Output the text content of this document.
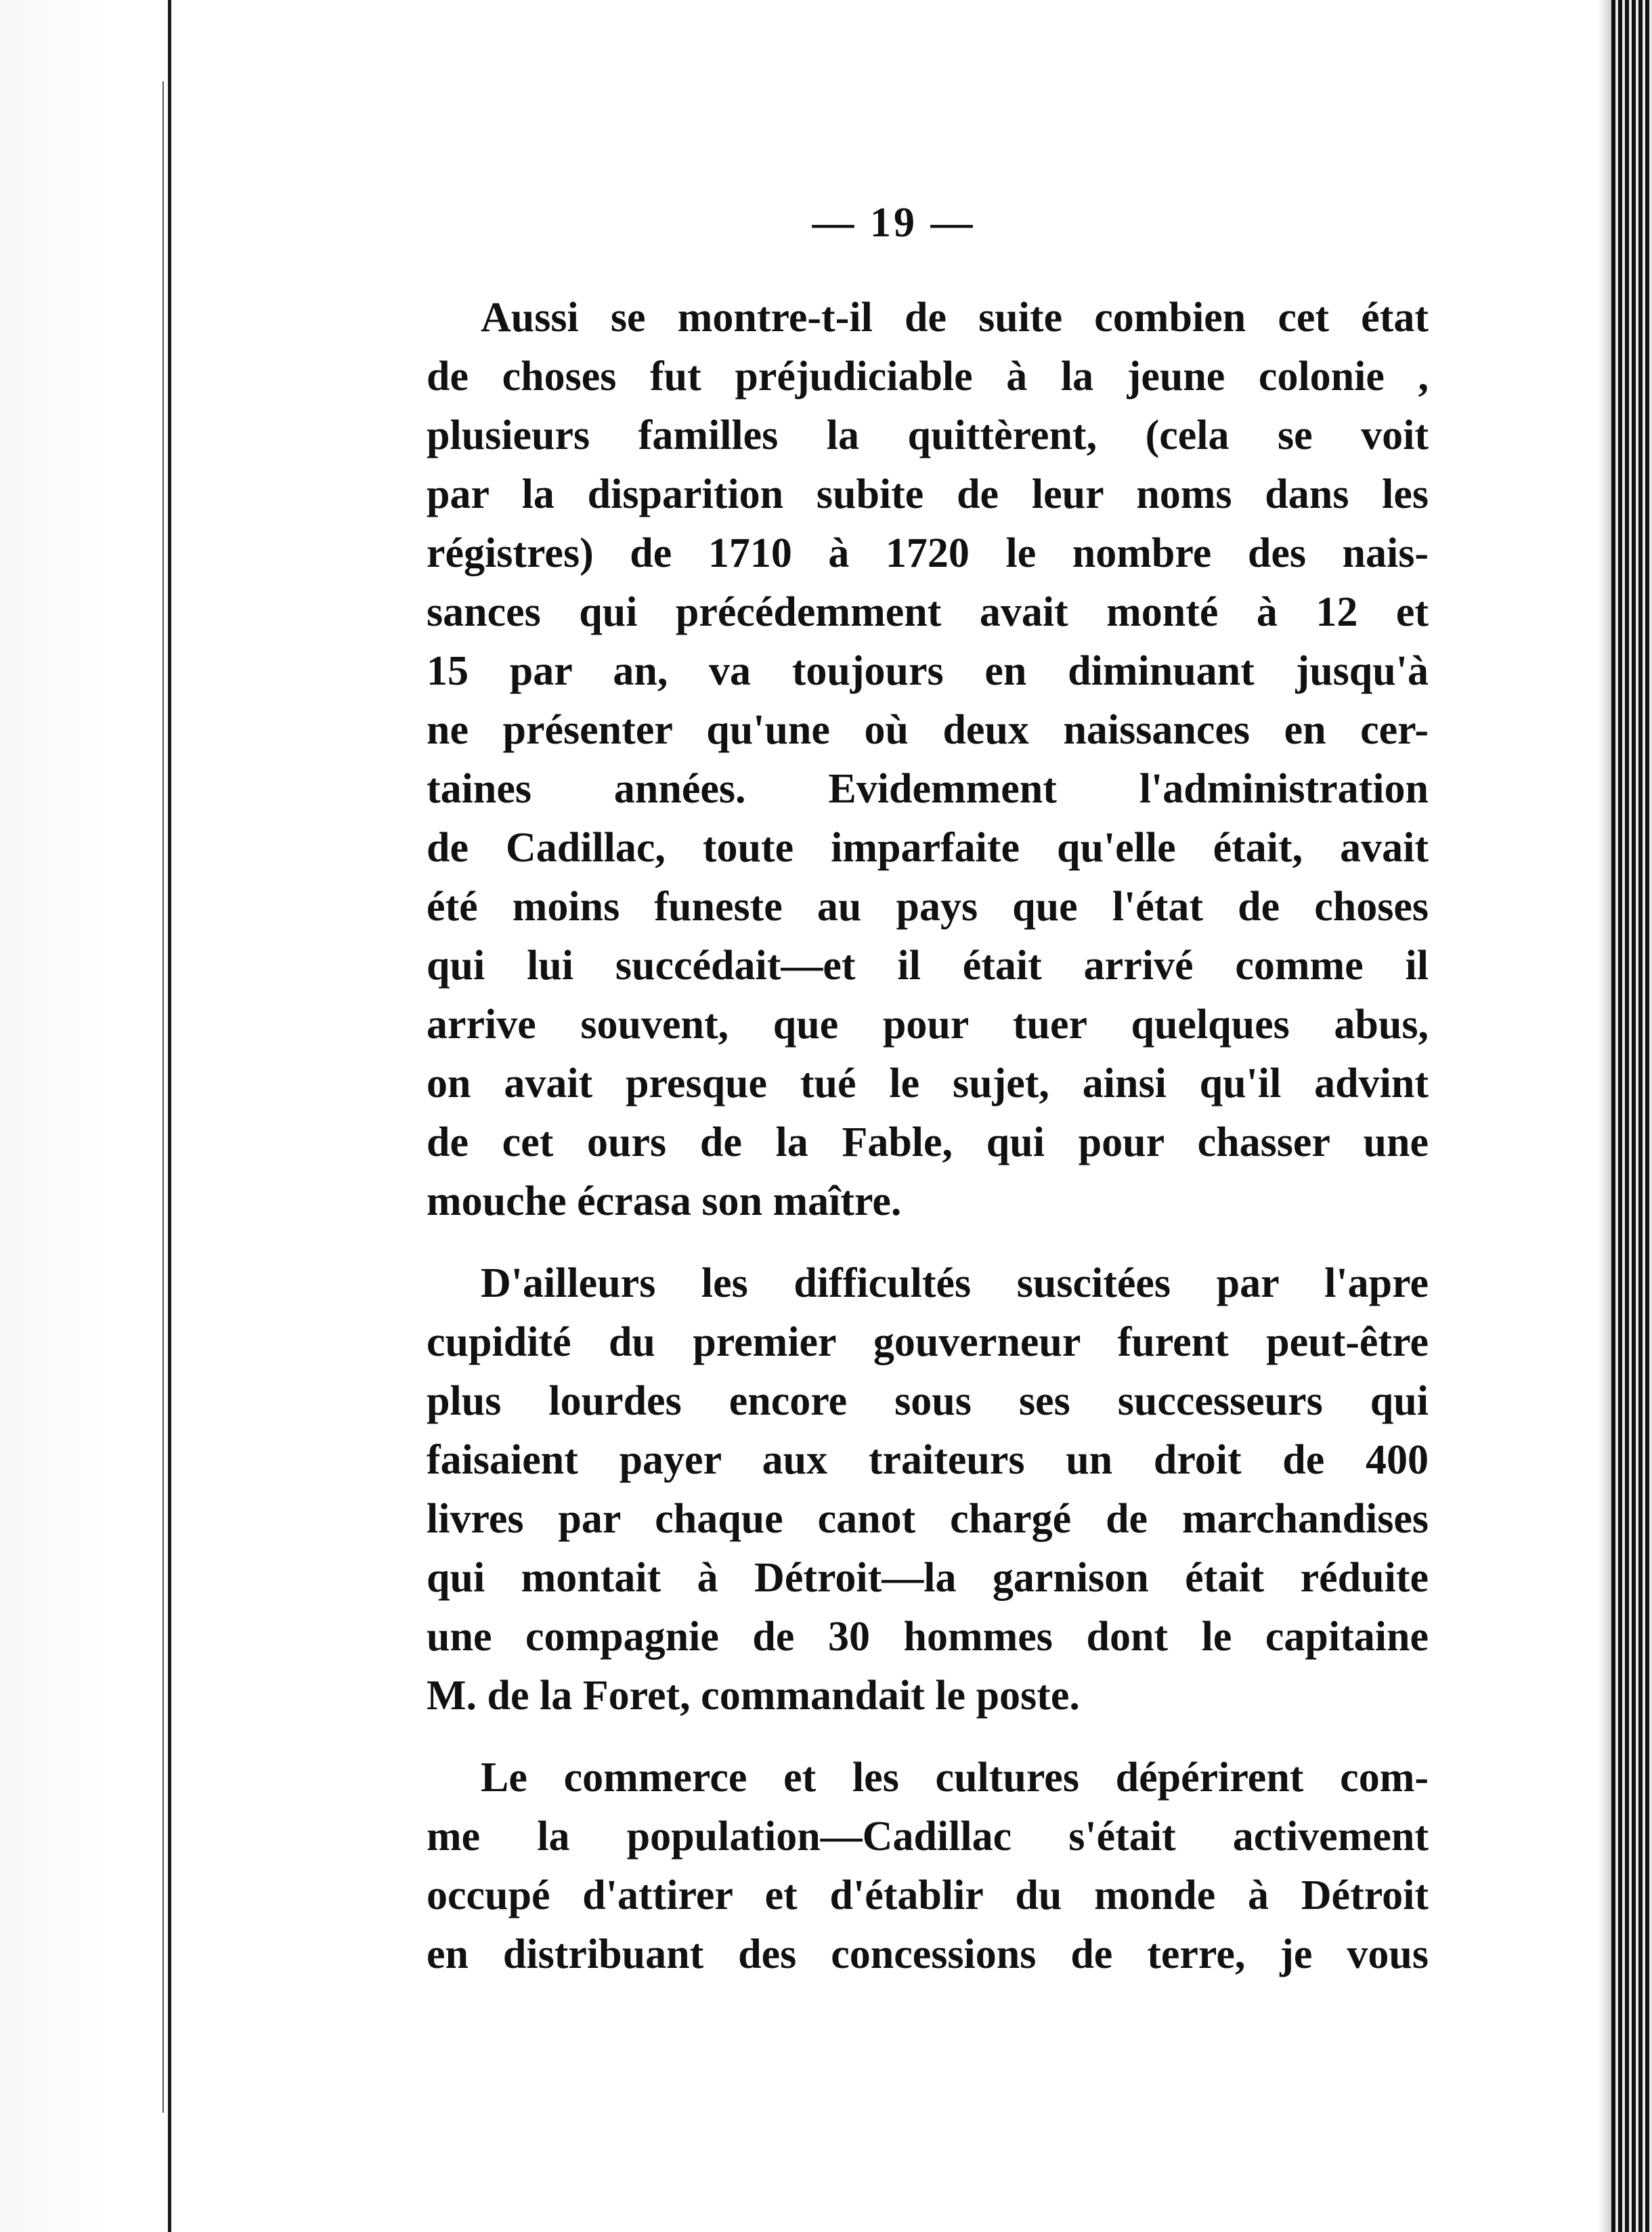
— 19 —
Aussi se montre-t-il de suite combien cet état
de choses fut préjudiciable à la jeune colonie ,
plusieurs familles la quittèrent, (cela se voit
par la disparition subite de leur noms dans les
régistres) de 1710 à 1720 le nombre des nais-
sances qui précédemment avait monté à 12 et
15 par an, va toujours en diminuant jusqu'à
ne présenter qu'une où deux naissances en cer-
taines années. Evidemment l'administration
de Cadillac, toute imparfaite qu'elle était, avait
été moins funeste au pays que l'état de choses
qui lui succédait—et il était arrivé comme il
arrive souvent, que pour tuer quelques abus,
on avait presque tué le sujet, ainsi qu'il advint
de cet ours de la Fable, qui pour chasser une
mouche écrasa son maître.
D'ailleurs les difficultés suscitées par l'apre
cupidité du premier gouverneur furent peut-être
plus lourdes encore sous ses successeurs qui
faisaient payer aux traiteurs un droit de 400
livres par chaque canot chargé de marchandises
qui montait à Détroit—la garnison était réduite
une compagnie de 30 hommes dont le capitaine
M. de la Foret, commandait le poste.
Le commerce et les cultures dépérirent com-
me la population—Cadillac s'était activement
occupé d'attirer et d'établir du monde à Détroit
en distribuant des concessions de terre, je vous
